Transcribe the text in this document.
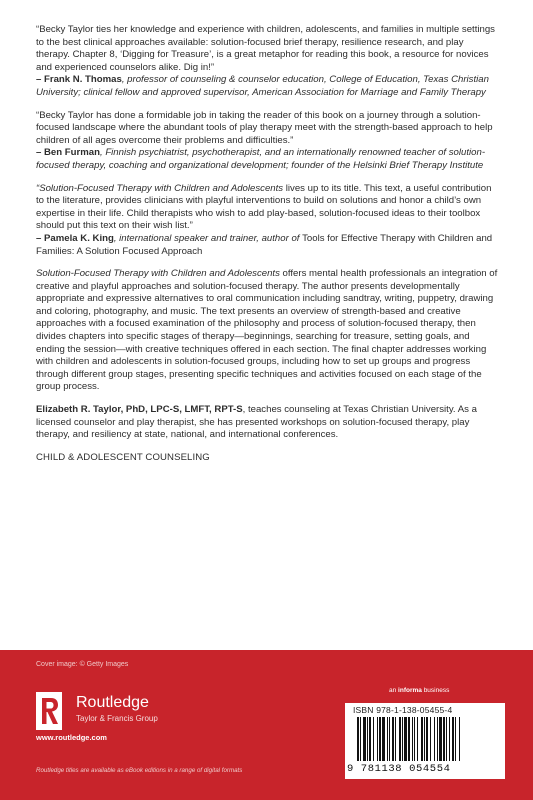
“Becky Taylor ties her knowledge and experience with children, adolescents, and families in multiple settings to the best clinical approaches available: solution-focused brief therapy, resilience research, and play therapy. Chapter 8, ‘Digging for Treasure’, is a great metaphor for reading this book, a resource for novices and experienced counselors alike. Dig in!”

– Frank N. Thomas, professor of counseling & counselor education, College of Education, Texas Christian University; clinical fellow and approved supervisor, American Association for Marriage and Family Therapy

“Becky Taylor has done a formidable job in taking the reader of this book on a journey through a solution-focused landscape where the abundant tools of play therapy meet with the strength-based approach to help children of all ages overcome their problems and difficulties.”

– Ben Furman, Finnish psychiatrist, psychotherapist, and an internationally renowned teacher of solution-focused therapy, coaching and organizational development; founder of the Helsinki Brief Therapy Institute

“Solution-Focused Therapy with Children and Adolescents lives up to its title. This text, a useful contribution to the literature, provides clinicians with playful interventions to build on solutions and honor a child’s own expertise in their life. Child therapists who wish to add play-based, solution-focused ideas to their toolbox should put this text on their wish list.”

– Pamela K. King, international speaker and trainer, author of Tools for Effective Therapy with Children and Families: A Solution Focused Approach

Solution-Focused Therapy with Children and Adolescents offers mental health professionals an integration of creative and playful approaches and solution-focused therapy. The author presents developmentally appropriate and expressive alternatives to oral communication including sandtray, writing, puppetry, drawing and coloring, photography, and music. The text presents an overview of strength-based and creative approaches with a focused examination of the philosophy and process of solution-focused therapy, then divides chapters into specific stages of therapy—beginnings, searching for treasure, setting goals, and ending the session—with creative techniques offered in each section. The final chapter addresses working with children and adolescents in solution-focused groups, including how to set up groups and progress through different group stages, presenting specific techniques and activities focused on each stage of the group process.

Elizabeth R. Taylor, PhD, LPC-S, LMFT, RPT-S, teaches counseling at Texas Christian University. As a licensed counselor and play therapist, she has presented workshops on solution-focused therapy, play therapy, and resiliency at state, national, and international conferences.

CHILD & ADOLESCENT COUNSELING

Cover image: © Getty Images
Routledge
Taylor & Francis Group
www.routledge.com
Routledge titles are available as eBook editions in a range of digital formats
an informa business
ISBN 978-1-138-05455-4
9 781138 054554
